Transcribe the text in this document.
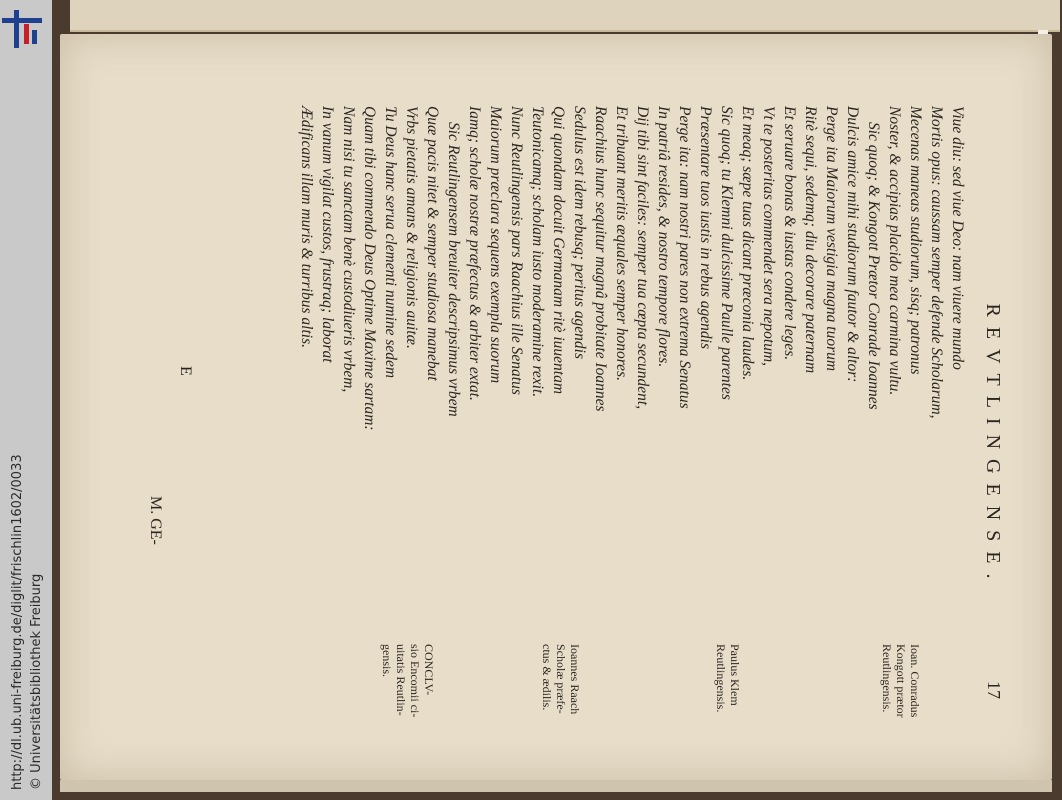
http://dl.ub.uni-freiburg.de/diglit/frischlin1602/0033 © Universitätsbibliothek Freiburg
REVTLINGENSE.
17
Viue diu: sed viue Deo: nam viuere mundo
Mortis opus: caussam semper defende Scholarum,
Mecenas maneas studiorum, sisq; patronus
Noster, & accipias placido mea carmina vultu.
Sic quoq; & Kongott Prætor Conrade Ioannes
Dulcis amice mihi studiorum fautor & altor:
Perge ita Maiorum vestigia magna tuorum
Ritè sequi, sedemq; diu decorare paternam
Et seruare bonas & iustas condere leges.
Vt te posteritas commendet sera nepotum,
Et meaq; sæpe tuas dicant præconia laudes.
Sic quoq; tu Klemni dulcissime Paulle parentes
Præsentare tuos iustis in rebus agendis
Perge ita: nam nostri pares non extrema Senatus
In patriâ resides, & nostro tempore flores.
Dij tibi sint faciles: semper tua cœpta secundent,
Et tribuant meritis æquales semper honores.
Raachius hunc sequitur magnâ probitate Ioannes
Sedulus est idem rebusq; peritus agendis
Qui quondam docuit Germanam ritè iuuentam
Teutonicamq; scholam iusto moderamine rexit.
Nunc Reutlingensis pars Raachius ille Senatus
Maiorum præclara sequens exempla suorum
Iamq; scholæ nostræ præfectus & arbiter extat.
Sic Reutlingensem breuiter descripsimus vrbem
Quæ pacis nitet & semper studiosa manebat
Vrbs pietatis amans & religionis auitæ.
Tu Deus hanc serua clementi numine sedem
Quam tibi commendo Deus Optime Maxime sartam:
Nam nisi tu sanctam benè custodiueris vrbem,
In vanum vigilat custos, frustraq; laborat
Ædificans illam muris & turribus altis.
Ioan. Conradus
Kongott prætor
Reutlingensis.
Paulus Klem
Reutlingensis.
Ioannes Raach
Scholæ præfe-
ctus & ædilis.
CONCLV-
sio Encomii ci-
uitatis Reutlin-
gensis.
E
M. GE-
